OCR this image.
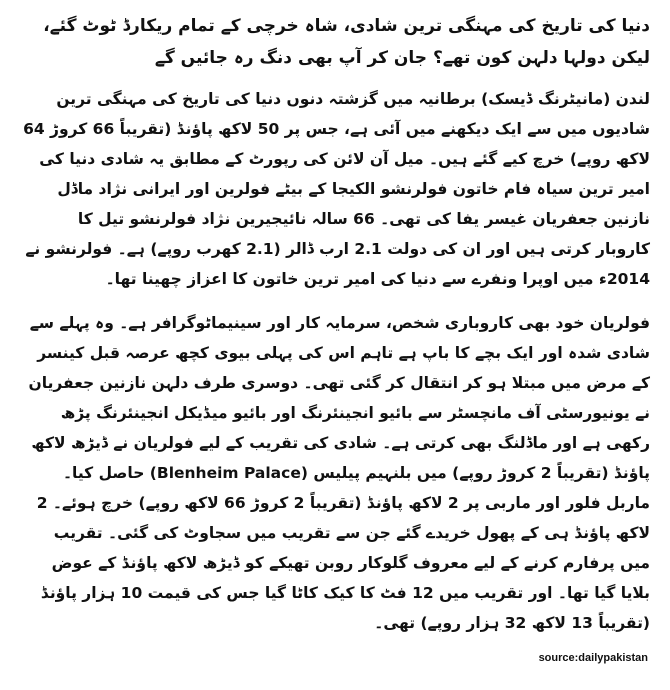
دنیا کی تاریخ کی مہنگی ترین شادی، شاہ خرچی کے تمام ریکارڈ ٹوٹ گئے، لیکن دولہا دلہن کون تھے؟ جان کر آپ بھی دنگ رہ جائیں گے

لندن (مانیٹرنگ ڈیسک) برطانیہ میں گزشتہ دنوں دنیا کی تاریخ کی مہنگی ترین شادیوں میں سے ایک دیکھنے میں آئی ہے، جس پر 50 لاکھ پاؤنڈ (تقریباً 66 کروڑ 64 لاکھ روپے) خرچ کیے گئے ہیں۔ میل آن لائن کی رپورٹ کے مطابق یہ شادی دنیا کی امیر ترین سیاہ فام خاتون فولرنشو الکیجا کے بیٹے فولرین اور ایرانی نژاد ماڈل نازنین جعفریان غیسر یفا کی تھی۔ 66 سالہ نائیجیرین نژاد فولرنشو تیل کا کاروبار کرتی ہیں اور ان کی دولت 2.1 ارب ڈالر (2.1 کھرب روپے) ہے۔ فولرنشو نے 2014ء میں اوپرا ونفرے سے دنیا کی امیر ترین خاتون کا اعزاز چھینا تھا۔

فولریان خود بھی کاروباری شخص، سرمایہ کار اور سینیماٹوگرافر ہے۔ وہ پہلے سے شادی شدہ اور ایک بچے کا باپ ہے تاہم اس کی پہلی بیوی کچھ عرصہ قبل کینسر کے مرض میں مبتلا ہو کر انتقال کر گئی تھی۔ دوسری طرف دلہن نازنین جعفریان نے یونیورسٹی آف مانچسٹر سے بائیو انجینئرنگ اور بائیو میڈیکل انجینئرنگ پڑھ رکھی ہے اور ماڈلنگ بھی کرتی ہے۔ شادی کی تقریب کے لیے فولریان نے ڈیڑھ لاکھ پاؤنڈ (تقریباً 2 کروڑ روپے) میں بلنہیم پیلیس (Blenheim Palace) حاصل کیا۔ ماربل فلور اور ماربی پر 2 لاکھ پاؤنڈ (تقریباً 2 کروڑ 66 لاکھ روپے) خرچ ہوئے۔ 2 لاکھ پاؤنڈ ہی کے پھول خریدے گئے جن سے تقریب میں سجاوٹ کی گئی۔ تقریب میں پرفارم کرنے کے لیے معروف گلوکار روبن تھیکے کو ڈیڑھ لاکھ پاؤنڈ کے عوض بلایا گیا تھا۔ اور تقریب میں 12 فٹ کا کیک کاٹا گیا جس کی قیمت 10 ہزار پاؤنڈ (تقریباً 13 لاکھ 32 ہزار روپے) تھی۔

source:dailypakistan
